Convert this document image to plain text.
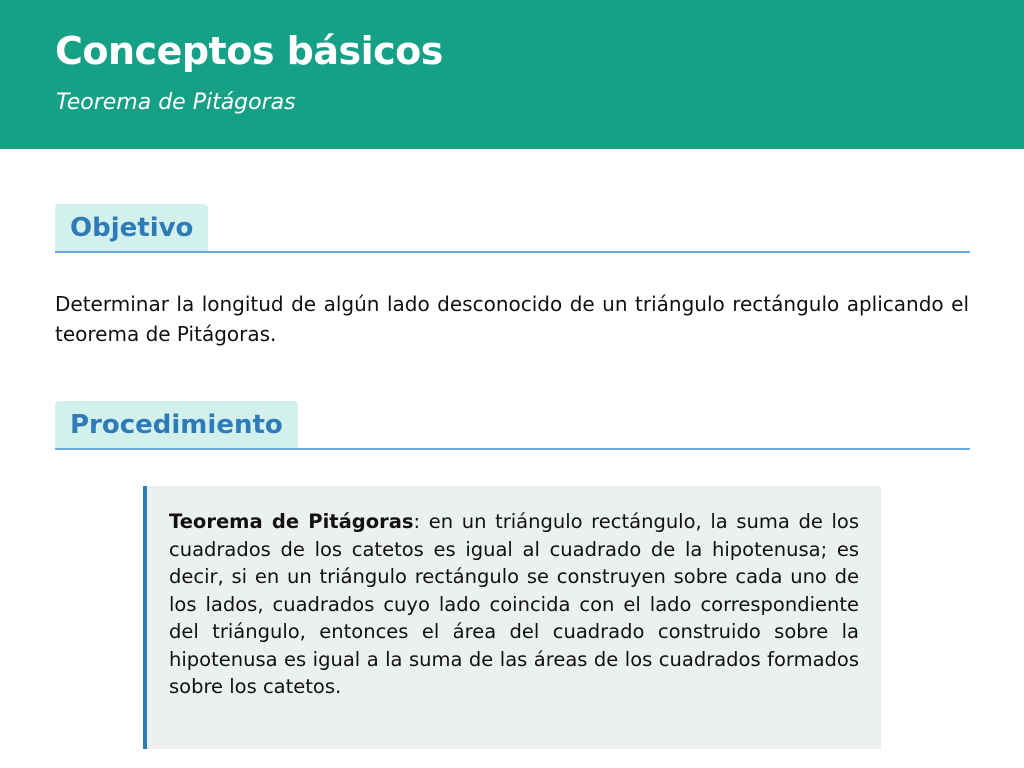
Conceptos básicos

Teorema de Pitágoras

Objetivo

Determinar la longitud de algún lado desconocido de un triángulo rectángulo aplicando el teorema de Pitágoras.

Procedimiento

Teorema de Pitágoras: en un triángulo rectángulo, la suma de los cuadrados de los catetos es igual al cuadrado de la hipotenusa; es decir, si en un triángulo rectángulo se construyen sobre cada uno de los lados, cuadrados cuyo lado coincida con el lado correspondiente del triángulo, entonces el área del cuadrado construido sobre la hipotenusa es igual a la suma de las áreas de los cuadrados formados sobre los catetos.
